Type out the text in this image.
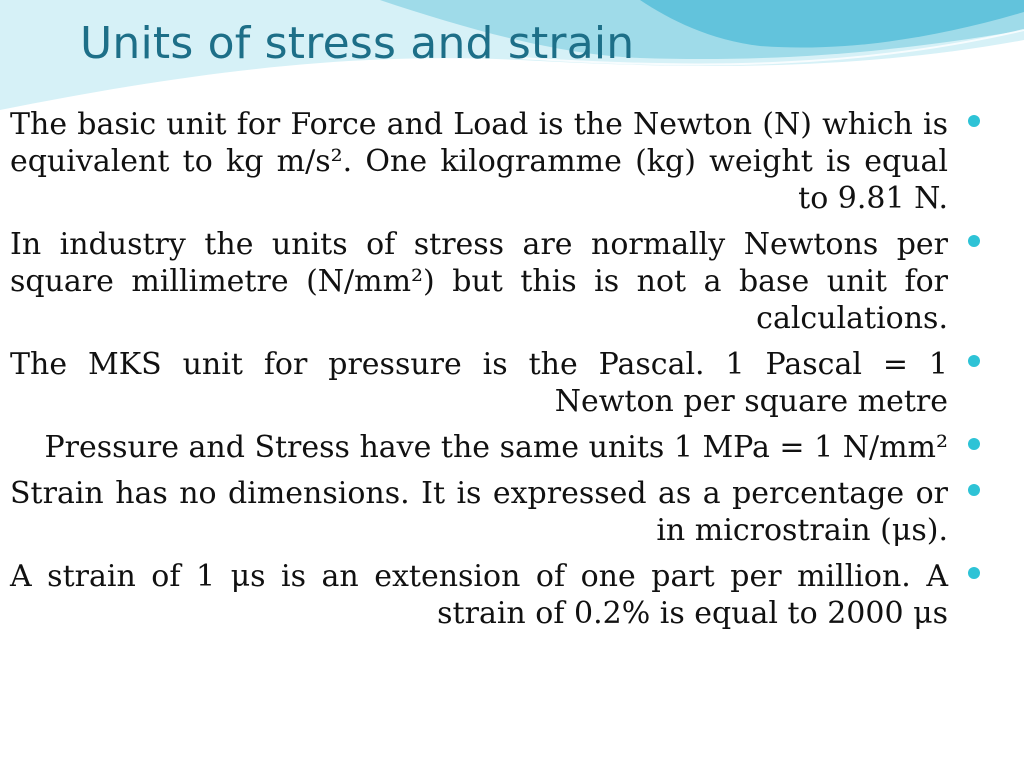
Units of stress and strain
The basic unit for Force and Load is the Newton (N) which is equivalent to kg m/s². One kilogramme (kg) weight is equal to 9.81 N.
In industry the units of stress are normally Newtons per square millimetre (N/mm²) but this is not a base unit for calculations.
The MKS unit for pressure is the Pascal. 1 Pascal = 1 Newton per square metre
Pressure and Stress have the same units 1 MPa = 1 N/mm²
Strain has no dimensions. It is expressed as a percentage or in microstrain (μs).
A strain of 1 μs is an extension of one part per million. A strain of 0.2% is equal to 2000 μs
